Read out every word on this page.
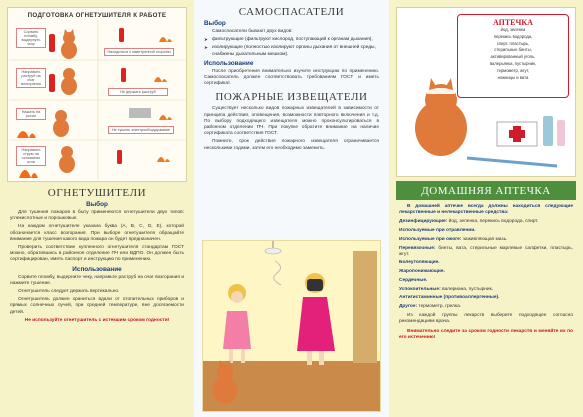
ПОДГОТОВКА ОГНЕТУШИТЕЛЯ К РАБОТЕ
Сорвать пломбу, выдернуть чеку
Находиться с наветренной стороны
Направить раструб на очаг возгорания
Не держать раструб
Нажать на рычаг
Не тушить электрооборудование
Направить струю на основание огня
ОГНЕТУШИТЕЛИ
Выбор

Для тушения пожаров в быту применяются огнетушители двух типов: углекислотные и порошковые.

На каждом огнетушителе указана буква (А, В, С, D, Е), которой обозначается класс возгорания. При выборе огнетушителя обращайте внимание для тушения какого вида пожара он будет предназначен.

Проверить соответствие купленного огнетушителя стандартам ГОСТ можно, обратившись в районное отделение ПЧ или ВДПО. Он должен быть сертифицирован, иметь паспорт и инструкцию по применению.

Использование

Сорвите пломбу, выдерните чеку, направьте раструб на очаг возгорания и нажмите тушение.

Огнетушитель следует держать вертикально.

Огнетушитель должен храниться вдали от отопительных приборов и прямых солнечных лучей, при средней температуре, вне досягаемости детей.

Не используйте огнетушитель с истекшим сроком годности!

САМОСПАСАТЕЛИ
Выбор

Самоспасатели бывают двух видов:

➤ фильтрующие (фильтруют кислород, поступающий к органам дыхания),
➤ изолирующие (полностью изолируют органы дыхания от внешней среды, снабжены дыхательным мешком).
Использование

После приобретения внимательно изучите инструкцию по применению. Самоспасатель должен соответствовать требованиям ГОСТ и иметь сертификат.

ПОЖАРНЫЕ ИЗВЕЩАТЕЛИ

Существует несколько видов пожарных извещателей в зависимости от принципа действия, оповещения, возможности повторного включения и т.д. По выбору подходящего извещателя можно проконсультироваться в районном отделении ПЧ. При покупке обратите внимание на наличие сертификата соответствия ГОСТ.

Помните, срок действия пожарного извещателя ограничивается несколькими годами, затем его необходимо заменить.

АПТЕЧКА
йод, зеленка
перекись водорода,
спирт, пластырь,
стерильные бинты,
активированный уголь,
валерьянка, пустырник,
термометр, жгут,
ножницы и вата
ДОМАШНЯЯ АПТЕЧКА
В домашней аптечке всегда должны находиться следующие лекарственные и нелекарственные средства:
Дезинфицирующие: йод, зеленка, перекись водорода, спирт.
Используемые при отравлении.
Используемые при ожоге: заживляющая мазь.
Перевязочные: бинты, вата, стерильные марлевые салфетки, пластырь, жгут.
Болеутоляющие.
Жаропонижающие.
Сердечные.
Успокоительные: валериана, пустырник.
Антигистаминные (противоаллергенные).
Другое: термометр, грелка.

Из каждой группы лекарств выберите подходящее согласно рекомендациям врача.

Внимательно следите за сроком годности лекарств и меняйте их по его истечению!
